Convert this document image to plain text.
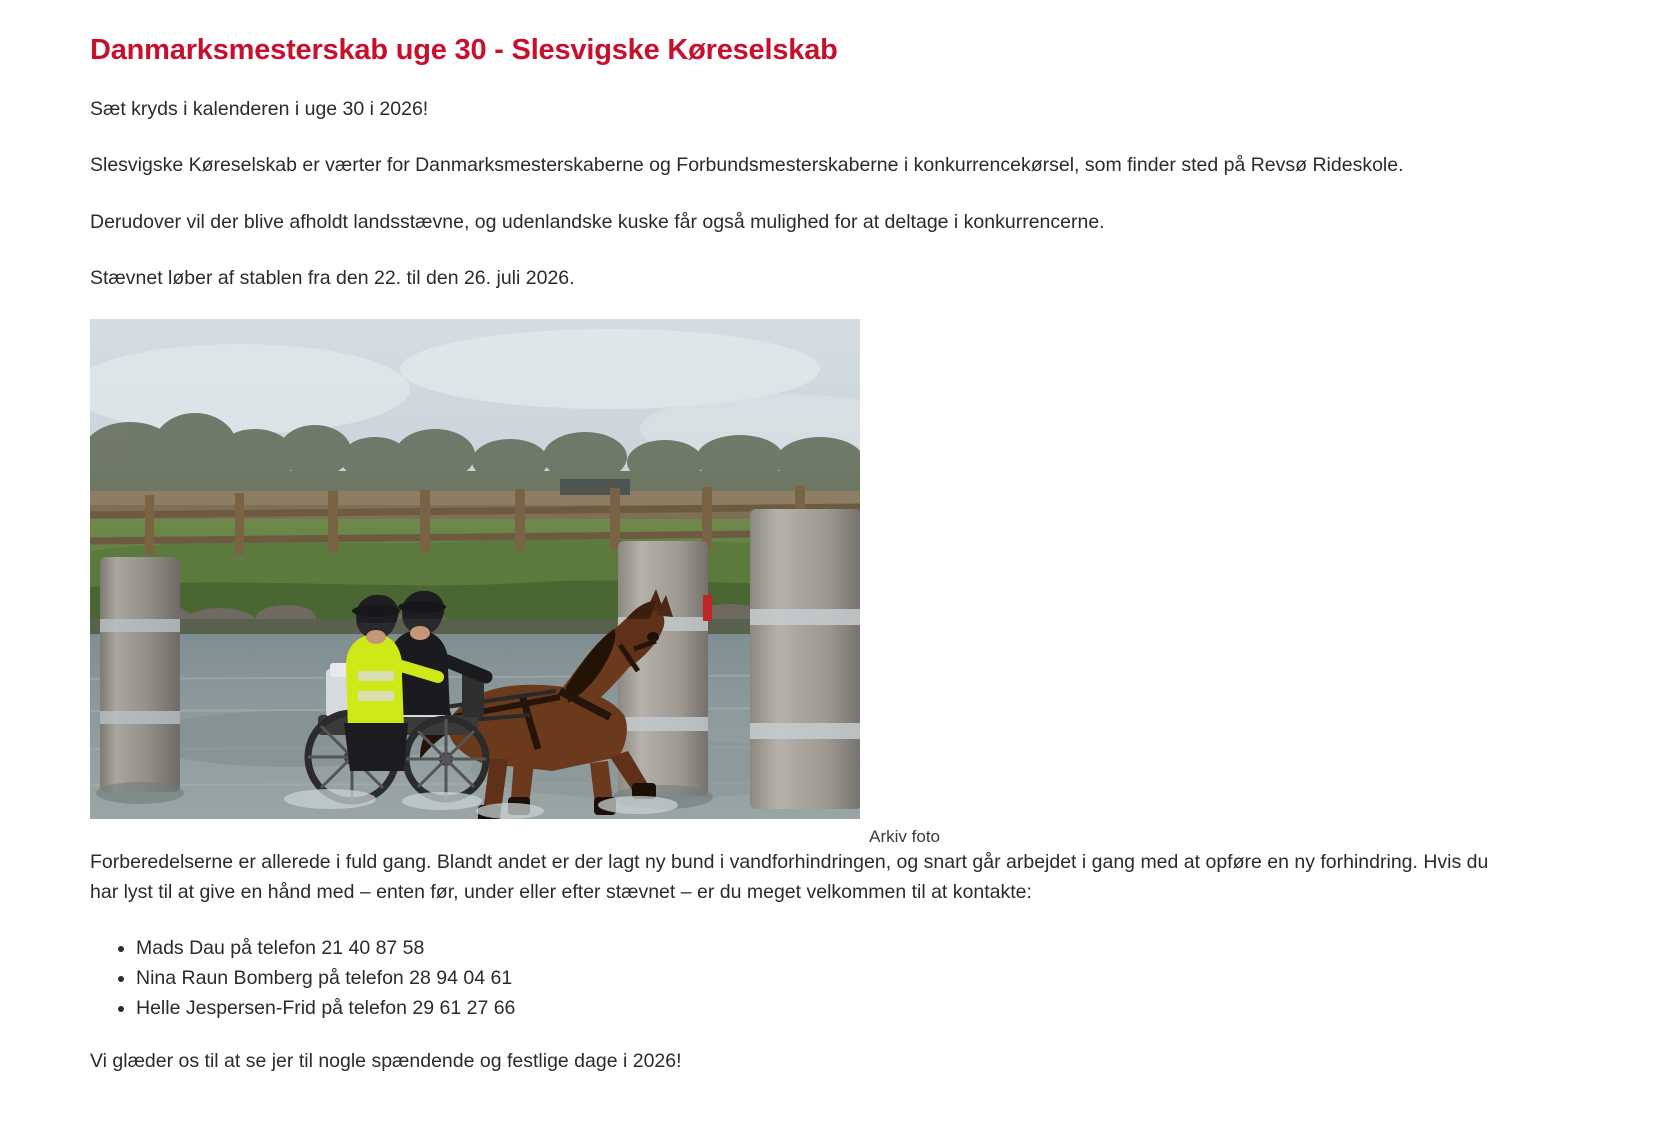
Danmarksmesterskab uge 30 - Slesvigske Køreselskab

Sæt kryds i kalenderen i uge 30 i 2026!

Slesvigske Køreselskab er værter for Danmarksmesterskaberne og Forbundsmesterskaberne i konkurrencekørsel, som finder sted på Revsø Rideskole.

Derudover vil der blive afholdt landsstævne, og udenlandske kuske får også mulighed for at deltage i konkurrencerne.

Stævnet løber af stablen fra den 22. til den 26. juli 2026.

Arkiv foto

Forberedelserne er allerede i fuld gang. Blandt andet er der lagt ny bund i vandforhindringen, og snart går arbejdet i gang med at opføre en ny forhindring. Hvis du har lyst til at give en hånd med – enten før, under eller efter stævnet – er du meget velkommen til at kontakte:

• Mads Dau på telefon 21 40 87 58
• Nina Raun Bomberg på telefon 28 94 04 61
• Helle Jespersen-Frid på telefon 29 61 27 66

Vi glæder os til at se jer til nogle spændende og festlige dage i 2026!
